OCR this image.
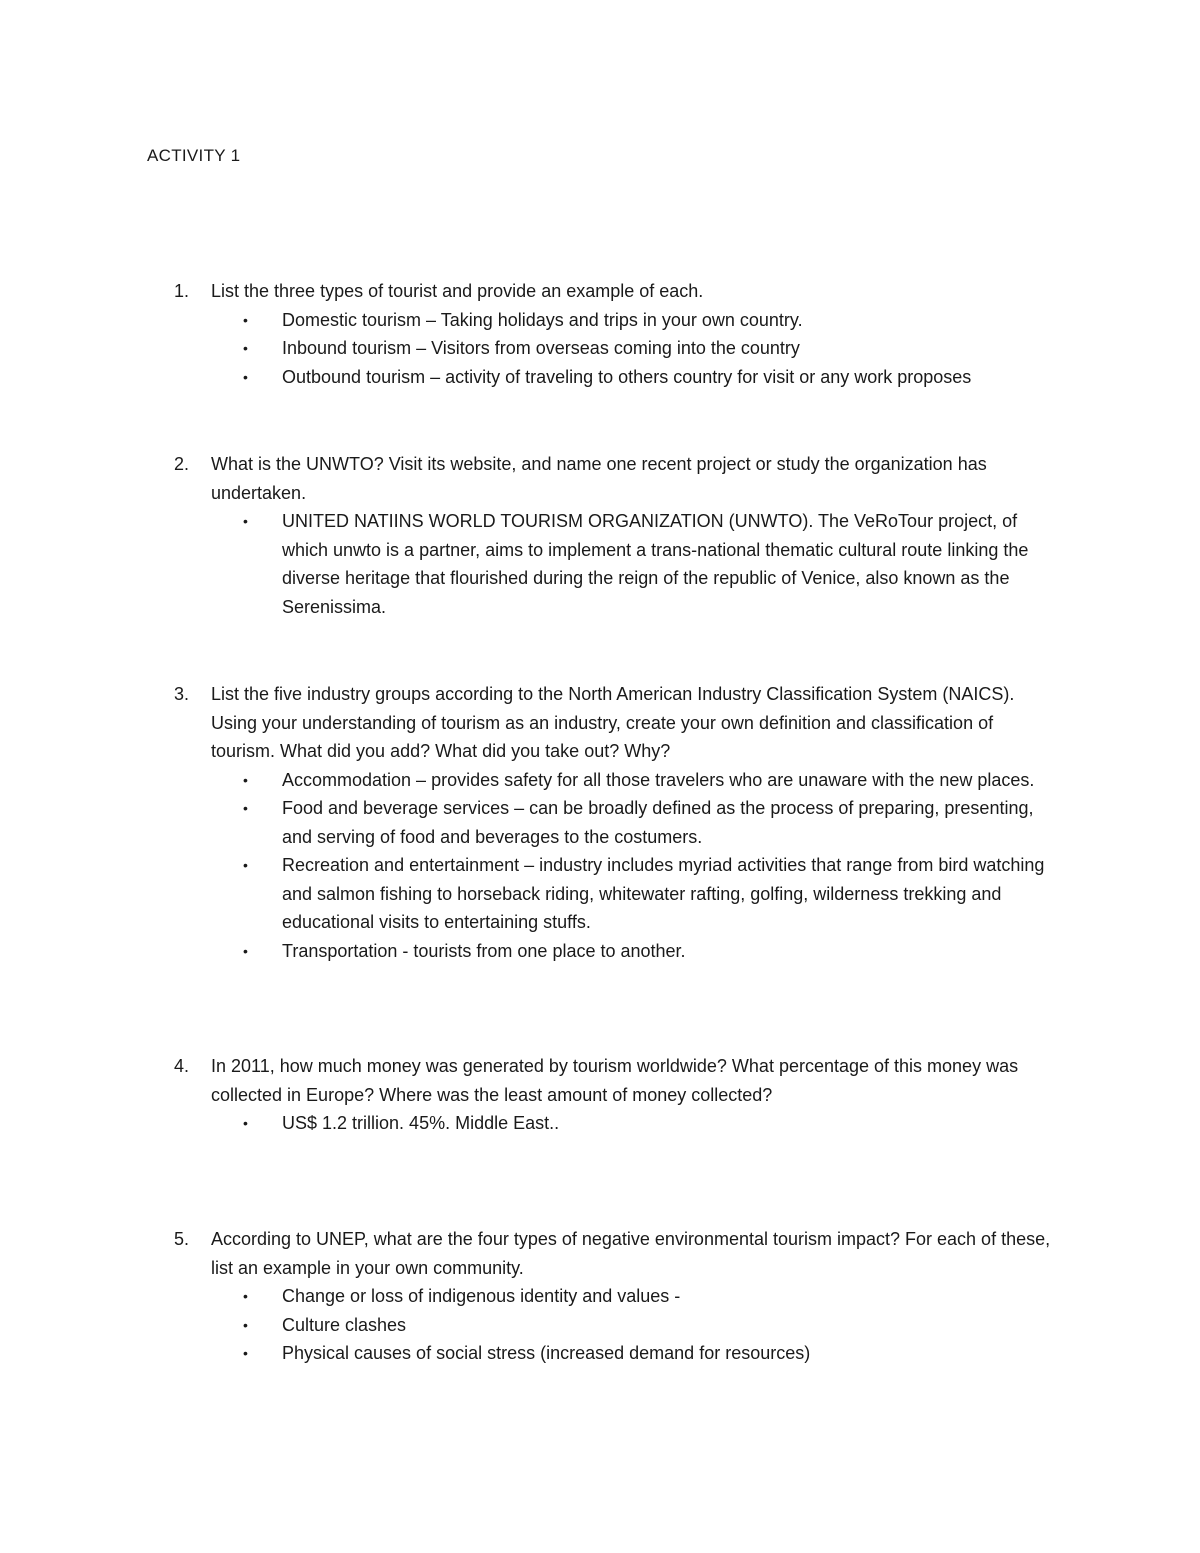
ACTIVITY 1
1. List the three types of tourist and provide an example of each.
• Domestic tourism – Taking holidays and trips in your own country.
• Inbound tourism – Visitors from overseas coming into the country
• Outbound tourism – activity of traveling to others country for visit or any work proposes
2. What is the UNWTO? Visit its website, and name one recent project or study the organization has undertaken.
• UNITED NATIINS WORLD TOURISM ORGANIZATION (UNWTO). The VeRoTour project, of which unwto is a partner, aims to implement a trans-national thematic cultural route linking the diverse heritage that flourished during the reign of the republic of Venice, also known as the Serenissima.
3. List the five industry groups according to the North American Industry Classification System (NAICS). Using your understanding of tourism as an industry, create your own definition and classification of tourism. What did you add? What did you take out? Why?
• Accommodation – provides safety for all those travelers who are unaware with the new places.
• Food and beverage services – can be broadly defined as the process of preparing, presenting, and serving of food and beverages to the costumers.
• Recreation and entertainment – industry includes myriad activities that range from bird watching and salmon fishing to horseback riding, whitewater rafting, golfing, wilderness trekking and educational visits to entertaining stuffs.
• Transportation - tourists from one place to another.
4. In 2011, how much money was generated by tourism worldwide? What percentage of this money was collected in Europe? Where was the least amount of money collected?
• US$ 1.2 trillion. 45%. Middle East..
5. According to UNEP, what are the four types of negative environmental tourism impact? For each of these, list an example in your own community.
• Change or loss of indigenous identity and values -
• Culture clashes
• Physical causes of social stress (increased demand for resources)
